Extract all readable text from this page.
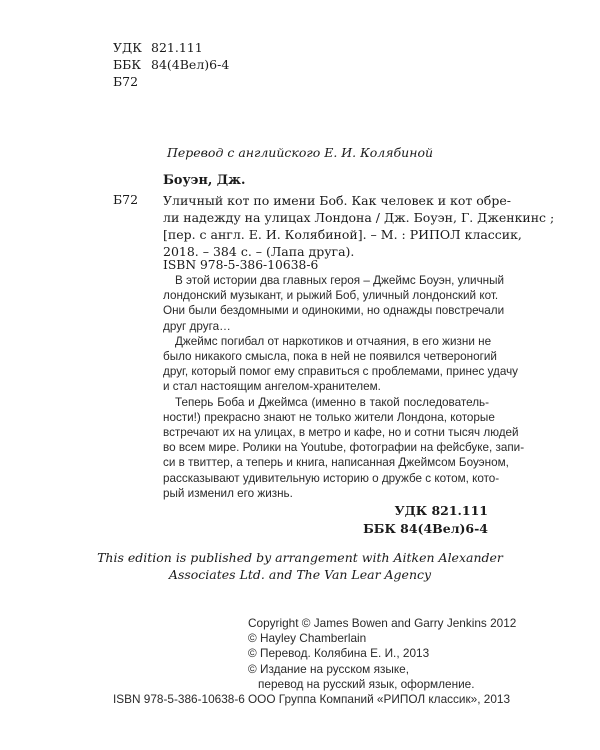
УДК 821.111
ББК 84(4Вел)6-4
Б72
Перевод с английского Е. И. Колябиной
Боуэн, Дж.
Б72 Уличный кот по имени Боб. Как человек и кот обре-
ли надежду на улицах Лондона / Дж. Боуэн, Г. Дженкинс ;
[пер. с англ. Е. И. Колябиной]. – М. : РИПОЛ классик,
2018. – 384 с. – (Лапа друга).
ISBN 978-5-386-10638-6
В этой истории два главных героя – Джеймс Боуэн, уличный
лондонский музыкант, и рыжий Боб, уличный лондонский кот.
Они были бездомными и одинокими, но однажды повстречали
друг друга…
Джеймс погибал от наркотиков и отчаяния, в его жизни не
было никакого смысла, пока в ней не появился четвероногий
друг, который помог ему справиться с проблемами, принес удачу
и стал настоящим ангелом-хранителем.
Теперь Боба и Джеймса (именно в такой последователь-
ности!) прекрасно знают не только жители Лондона, которые
встречают их на улицах, в метро и кафе, но и сотни тысяч людей
во всем мире. Ролики на Youtube, фотографии на фейсбуке, запи-
си в твиттер, а теперь и книга, написанная Джеймсом Боуэном,
рассказывают удивительную историю о дружбе с котом, кото-
рый изменил его жизнь.
УДК 821.111
ББК 84(4Вел)6-4
This edition is published by arrangement with Aitken Alexander
Associates Ltd. and The Van Lear Agency
Copyright © James Bowen and Garry Jenkins 2012
© Hayley Chamberlain
© Перевод. Колябина Е. И., 2013
© Издание на русском языке,
перевод на русский язык, оформление.
ООО Группа Компаний «РИПОЛ классик», 2013
ISBN 978-5-386-10638-6
